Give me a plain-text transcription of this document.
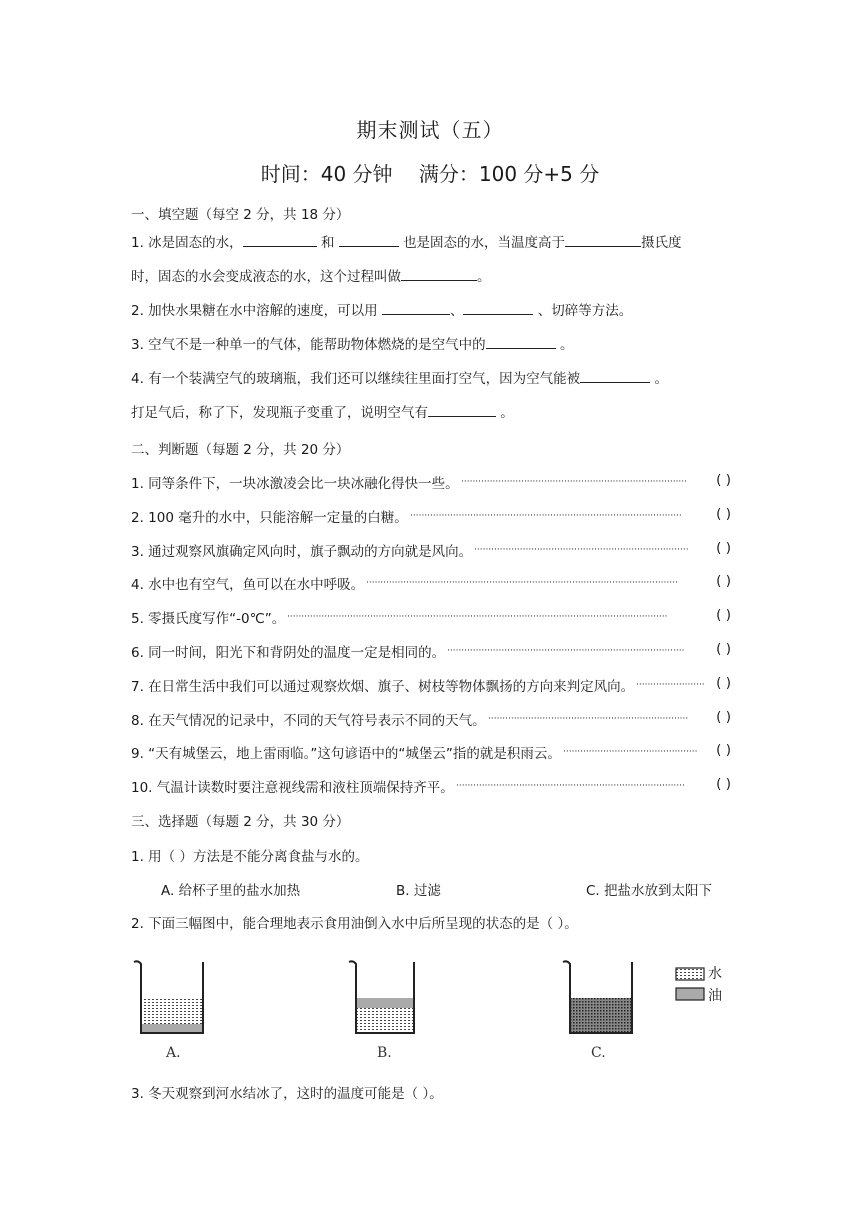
期末测试（五）
时间：40 分钟 满分：100 分+5 分
一、填空题（每空 2 分，共 18 分）
1. 冰是固态的水，	和	也是固态的水，当温度高于	摄氏度
时，固态的水会变成液态的水，这个过程叫做	。
2. 加快水果糖在水中溶解的速度，可以用	、	、切碎等方法。
3. 空气不是一种单一的气体，能帮助物体燃烧的是空气中的	。
4. 有一个装满空气的玻璃瓶，我们还可以继续往里面打空气，因为空气能被	。
打足气后，称了下，发现瓶子变重了，说明空气有	。
二、判断题（每题 2 分，共 20 分）
1. 同等条件下，一块冰激凌会比一块冰融化得快一些。 ···············································································	( )
2. 100 毫升的水中，只能溶解一定量的白糖。 ·······························································································	( )
3. 通过观察风旗确定风向时，旗子飘动的方向就是风向。 ···········································································	( )
4. 水中也有空气，鱼可以在水中呼吸。 ·············································································································	( )
5. 零摄氏度写作“-0℃”。 ·····································································································································	( )
6. 同一时间，阳光下和背阴处的温度一定是相同的。 ···················································································	( )
7. 在日常生活中我们可以通过观察炊烟、旗子、树枝等物体飘扬的方向来判定风向。 ························ ( )
8. 在天气情况的记录中，不同的天气符号表示不同的天气。 ······································································	( )
9. “天有城堡云，地上雷雨临。”这句谚语中的“城堡云”指的就是积雨云。 ···············································	( )
10. 气温计读数时要注意视线需和液柱顶端保持齐平。 ················································································	( )
三、选择题（每题 2 分，共 30 分）
1. 用（ ）方法是不能分离食盐与水的。
A. 给杯子里的盐水加热	B. 过滤	C. 把盐水放到太阳下
2. 下面三幅图中，能合理地表示食用油倒入水中后所呈现的状态的是（ ）。
水
油
A.	B.	C.
3. 冬天观察到河水结冰了，这时的温度可能是（ ）。
